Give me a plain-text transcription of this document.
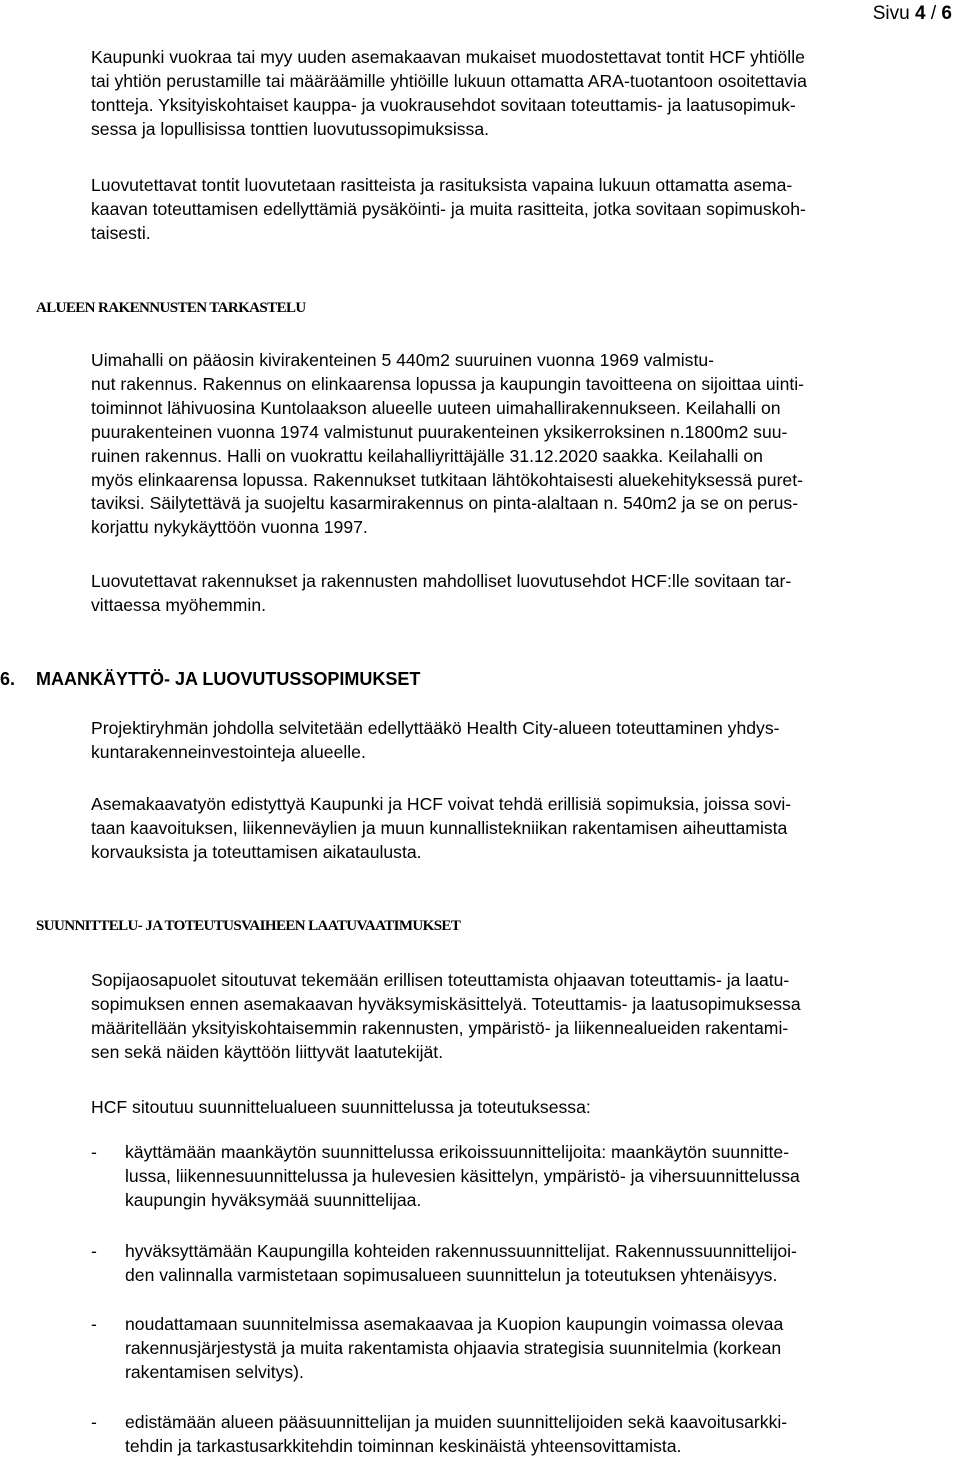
Sivu 4 / 6

Kaupunki vuokraa tai myy uuden asemakaavan mukaiset muodostettavat tontit HCF yhtiölle
tai yhtiön perustamille tai määräämille yhtiöille lukuun ottamatta ARA-tuotantoon osoitettavia
tontteja. Yksityiskohtaiset kauppa- ja vuokrausehdot sovitaan toteuttamis- ja laatusopimuk-
sessa ja lopullisissa tonttien luovutussopimuksissa.

Luovutettavat tontit luovutetaan rasitteista ja rasituksista vapaina lukuun ottamatta asema-
kaavan toteuttamisen edellyttämiä pysäköinti- ja muita rasitteita, jotka sovitaan sopimuskoh-
taisesti.

ALUEEN RAKENNUSTEN TARKASTELU

Uimahalli on pääosin kivirakenteinen 5 440m2 suuruinen vuonna 1969 valmistu-
nut rakennus. Rakennus on elinkaarensa lopussa ja kaupungin tavoitteena on sijoittaa uinti-
toiminnot lähivuosina Kuntolaakson alueelle uuteen uimahallirakennukseen. Keilahalli on
puurakenteinen vuonna 1974 valmistunut puurakenteinen yksikerroksinen n.1800m2 suu-
ruinen rakennus. Halli on vuokrattu keilahalliyrittäjälle 31.12.2020 saakka. Keilahalli on
myös elinkaarensa lopussa. Rakennukset tutkitaan lähtökohtaisesti aluekehityksessä puret-
taviksi. Säilytettävä ja suojeltu kasarmirakennus on pinta-alaltaan n. 540m2 ja se on perus-
korjattu nykykäyttöön vuonna 1997.

Luovutettavat rakennukset ja rakennusten mahdolliset luovutusehdot HCF:lle sovitaan tar-
vittaessa myöhemmin.

6. MAANKÄYTTÖ- JA LUOVUTUSSOPIMUKSET

Projektiryhmän johdolla selvitetään edellyttääkö Health City-alueen toteuttaminen yhdys-
kuntarakenneinvestointeja alueelle.

Asemakaavatyön edistyttyä Kaupunki ja HCF voivat tehdä erillisiä sopimuksia, joissa sovi-
taan kaavoituksen, liikenneväylien ja muun kunnallistekniikan rakentamisen aiheuttamista
korvauksista ja toteuttamisen aikataulusta.

SUUNNITTELU- JA TOTEUTUSVAIHEEN LAATUVAATIMUKSET

Sopijaosapuolet sitoutuvat tekemään erillisen toteuttamista ohjaavan toteuttamis- ja laatu-
sopimuksen ennen asemakaavan hyväksymiskäsittelyä. Toteuttamis- ja laatusopimuksessa
määritellään yksityiskohtaisemmin rakennusten, ympäristö- ja liikennealueiden rakentami-
sen sekä näiden käyttöön liittyvät laatutekijät.

HCF sitoutuu suunnittelualueen suunnittelussa ja toteutuksessa:

- käyttämään maankäytön suunnittelussa erikoissuunnittelijoita: maankäytön suunnitte-
lussa, liikennesuunnittelussa ja hulevesien käsittelyn, ympäristö- ja vihersuunnittelussa
kaupungin hyväksymää suunnittelijaa.
- hyväksyttämään Kaupungilla kohteiden rakennussuunnittelijat. Rakennussuunnittelijoi-
den valinnalla varmistetaan sopimusalueen suunnittelun ja toteutuksen yhtenäisyys.
- noudattamaan suunnitelmissa asemakaavaa ja Kuopion kaupungin voimassa olevaa
rakennusjärjestystä ja muita rakentamista ohjaavia strategisia suunnitelmia (korkean
rakentamisen selvitys).
- edistämään alueen pääsuunnittelijan ja muiden suunnittelijoiden sekä kaavoitusarkki-
tehdin ja tarkastusarkkitehdin toiminnan keskinäistä yhteensovittamista.
